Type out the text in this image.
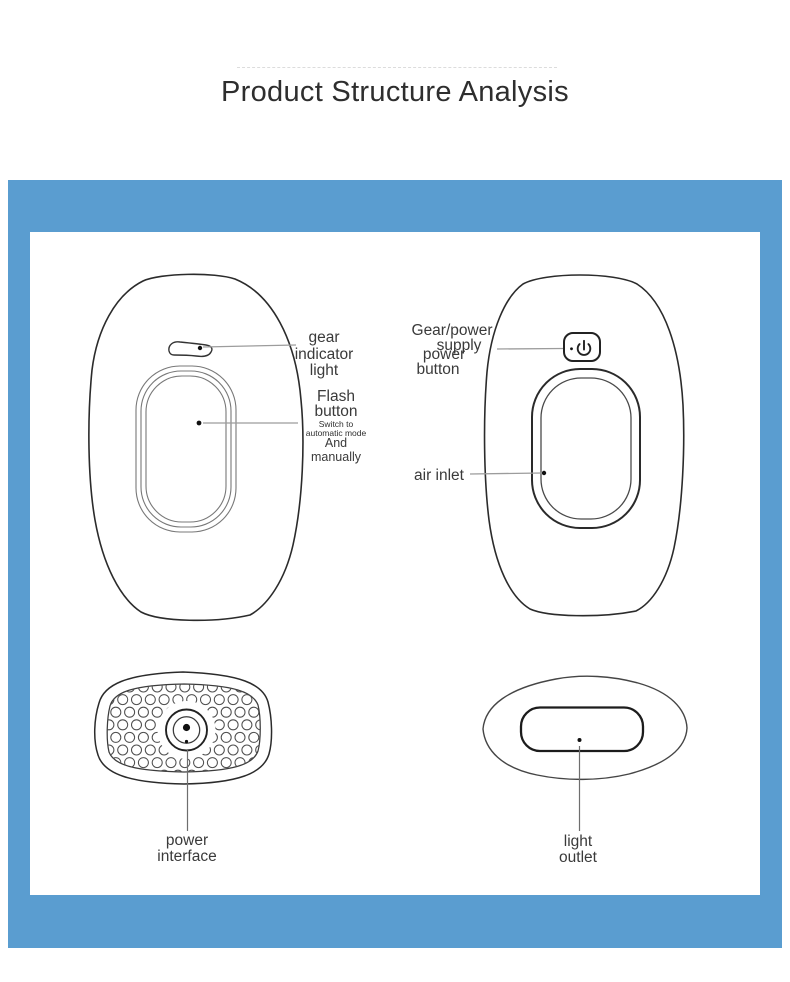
Product Structure Analysis
gear
indicator
light
Flash
button
Switch to
automatic mode
And
manually
Gear/power
supply
power
button
air inlet
power
interface
light
outlet
